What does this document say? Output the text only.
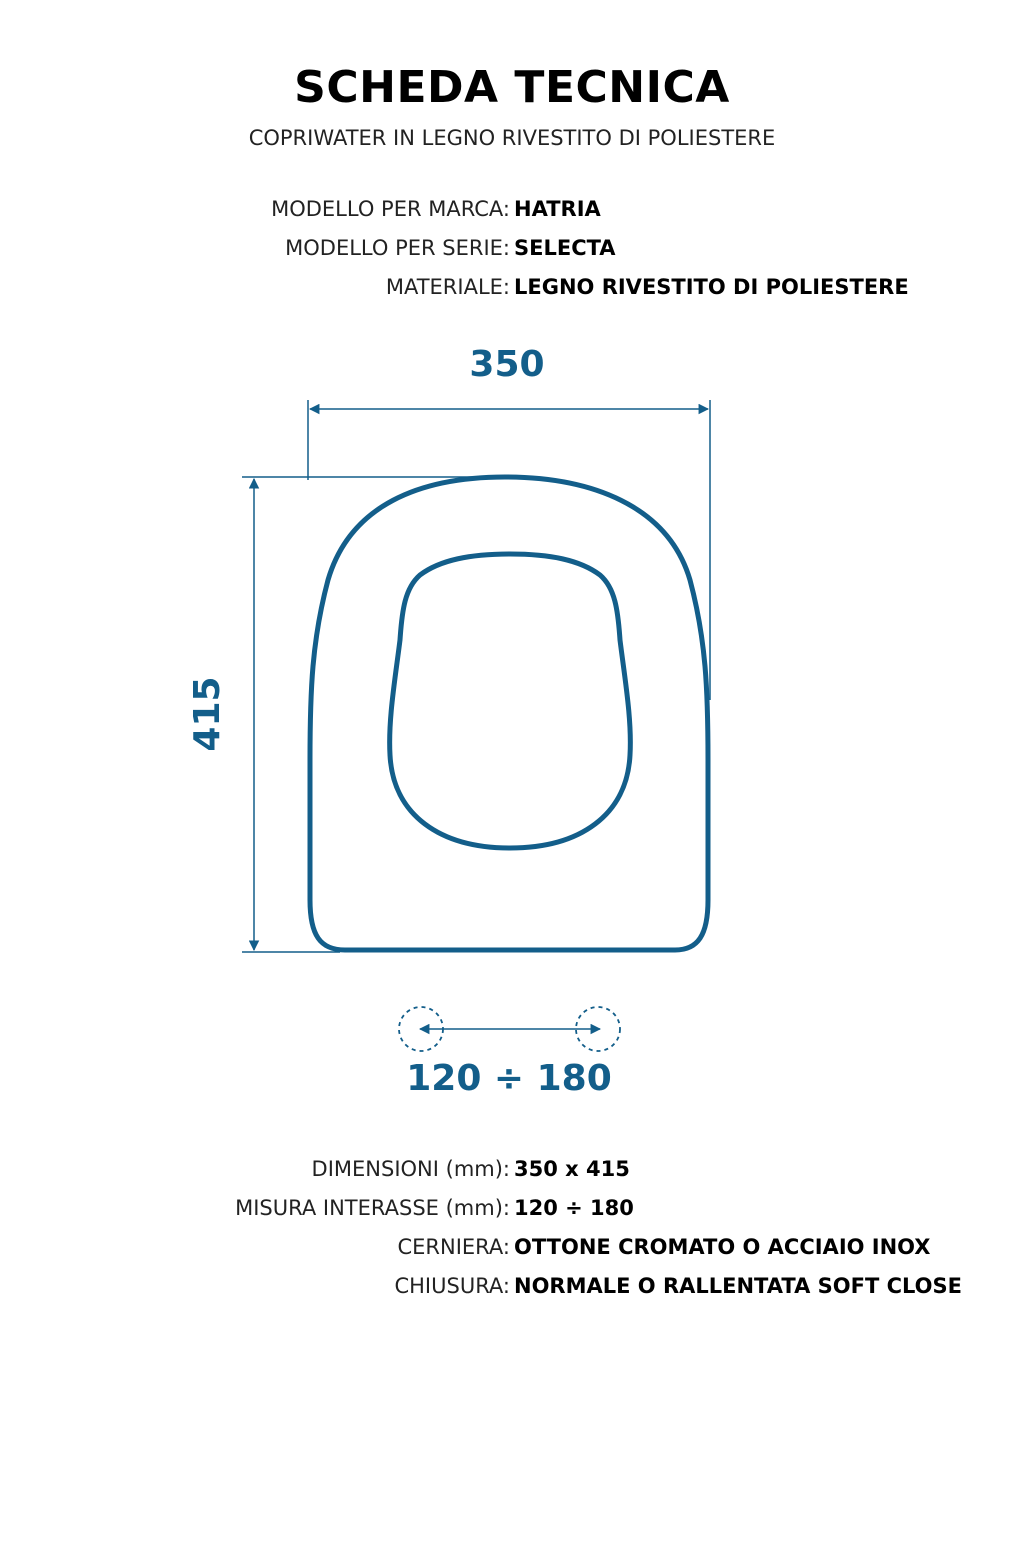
SCHEDA TECNICA

COPRIWATER IN LEGNO RIVESTITO DI POLIESTERE

MODELLO PER MARCA: HATRIA
MODELLO PER SERIE: SELECTA
MATERIALE: LEGNO RIVESTITO DI POLIESTERE
350
415
120 ÷ 180
DIMENSIONI (mm): 350 x 415
MISURA INTERASSE (mm): 120 ÷ 180
CERNIERA: OTTONE CROMATO O ACCIAIO INOX
CHIUSURA: NORMALE O RALLENTATA SOFT CLOSE
